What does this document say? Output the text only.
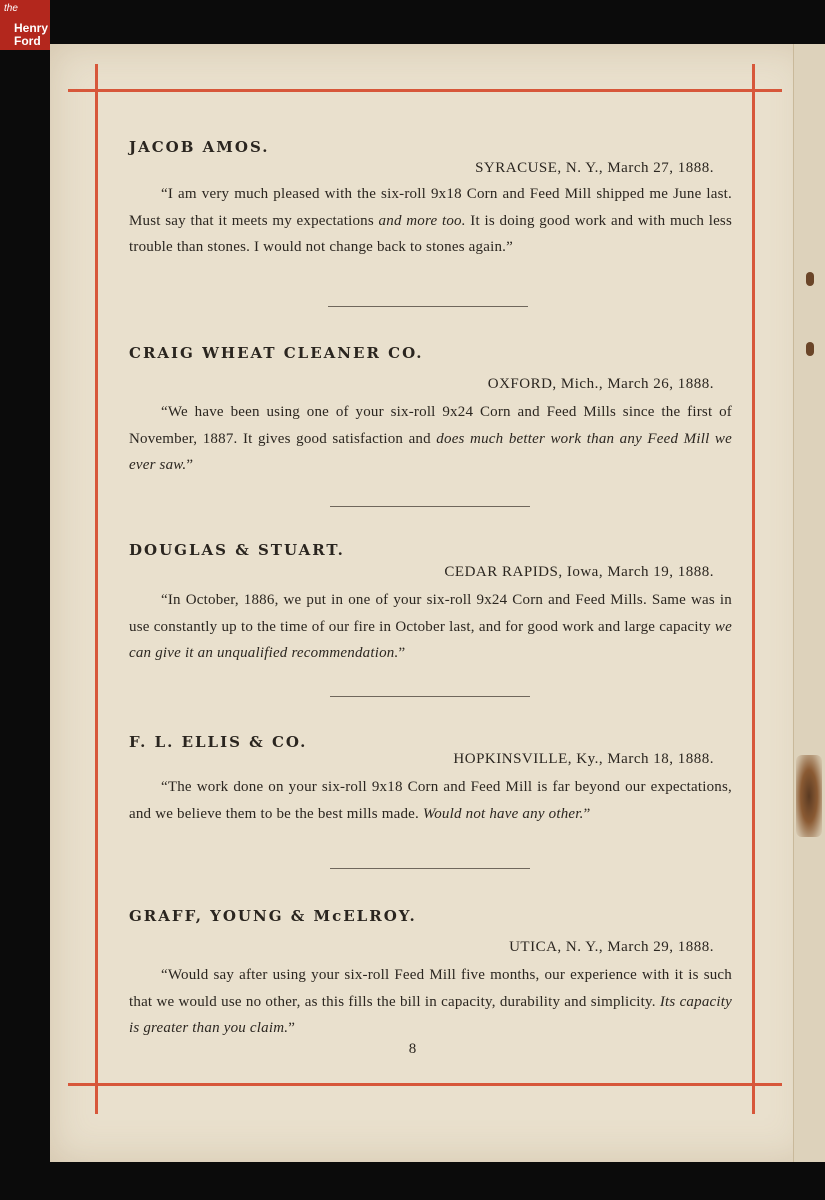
the
Henry
Ford
JACOB AMOS.
SYRACUSE, N. Y., March 27, 1888.
“I am very much pleased with the six-roll 9x18 Corn and Feed Mill shipped me June last. Must say that it meets my expectations and more too. It is doing good work and with much less trouble than stones. I would not change back to stones again.”
CRAIG WHEAT CLEANER CO.
OXFORD, Mich., March 26, 1888.
“We have been using one of your six-roll 9x24 Corn and Feed Mills since the first of November, 1887. It gives good satisfaction and does much better work than any Feed Mill we ever saw.”
DOUGLAS & STUART.
CEDAR RAPIDS, Iowa, March 19, 1888.
“In October, 1886, we put in one of your six-roll 9x24 Corn and Feed Mills. Same was in use constantly up to the time of our fire in October last, and for good work and large capacity we can give it an unqualified recommendation.”
F. L. ELLIS & CO.
HOPKINSVILLE, Ky., March 18, 1888.
“The work done on your six-roll 9x18 Corn and Feed Mill is far beyond our expectations, and we believe them to be the best mills made. Would not have any other.”
GRAFF, YOUNG & McELROY.
UTICA, N. Y., March 29, 1888.
“Would say after using your six-roll Feed Mill five months, our experience with it is such that we would use no other, as this fills the bill in capacity, durability and simplicity. Its capacity is greater than you claim.”
8
